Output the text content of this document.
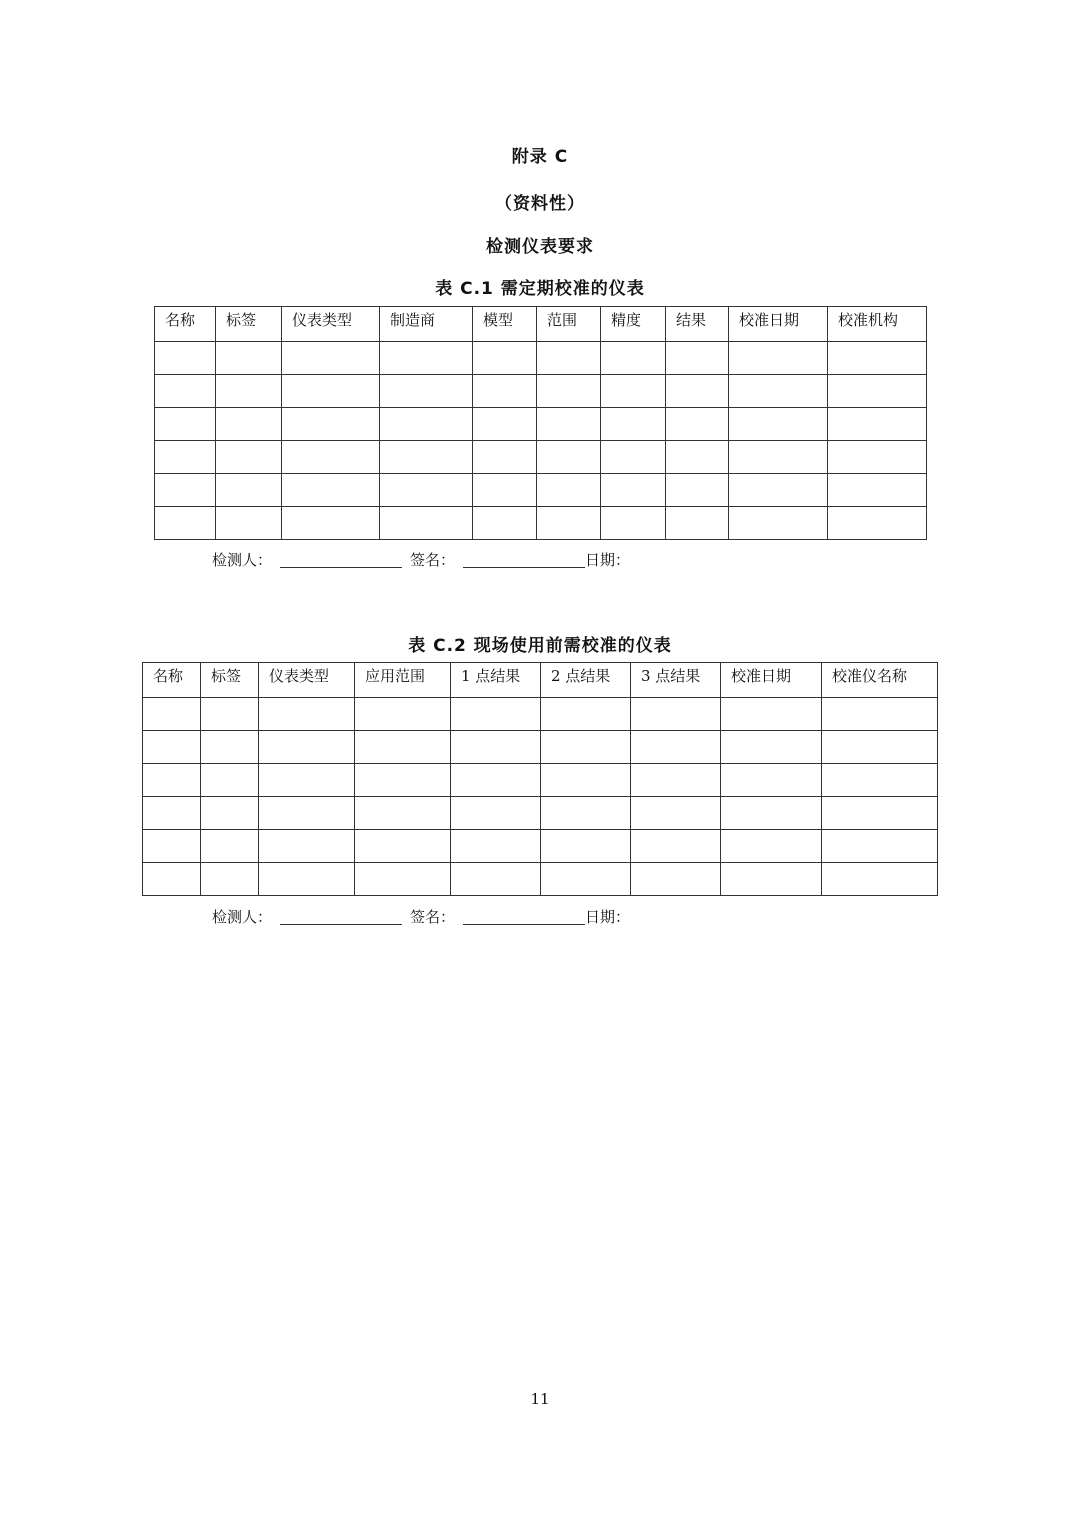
附录 C
（资料性）
检测仪表要求
表 C.1 需定期校准的仪表
名称	标签	仪表类型	制造商	模型	范围	精度	结果	校准日期	校准机构

检测人：	签名：	日期：
表 C.2 现场使用前需校准的仪表
名称	标签	仪表类型	应用范围	1 点结果	2 点结果	3 点结果	校准日期	校准仪名称

检测人：	签名：	日期：
11
